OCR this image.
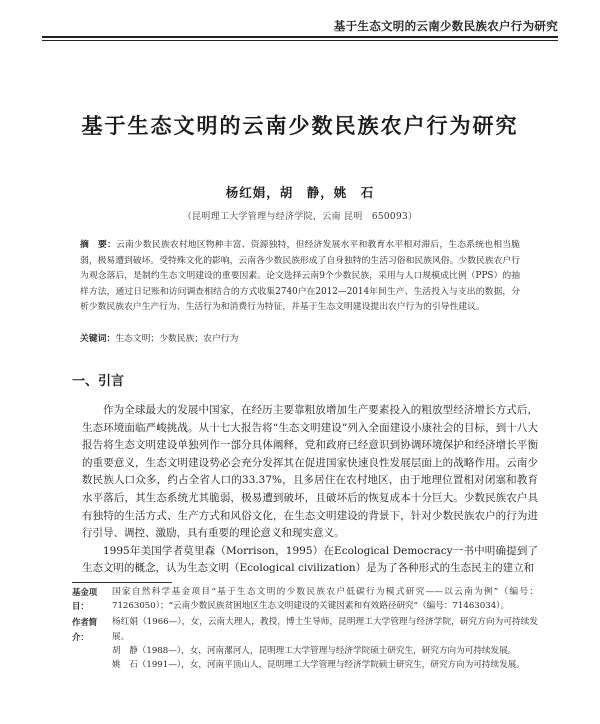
基于生态文明的云南少数民族农户行为研究
基于生态文明的云南少数民族农户行为研究
杨红娟，胡　静，姚　石
（昆明理工大学管理与经济学院，云南 昆明　650093）
摘　要：云南少数民族农村地区物种丰富、资源独特，但经济发展水平和教育水平相对滞后，生态系统也相当脆弱，极易遭到破坏。受特殊文化的影响，云南各少数民族形成了自身独特的生活习俗和民族风俗。少数民族农户行为观念落后，是制约生态文明建设的重要因素。论文选择云南9个少数民族，采用与人口规模成比例（PPS）的抽样方法，通过日记账和访问调查相结合的方式收集2740户在2012—2014年间生产、生活投入与支出的数据，分析少数民族农户生产行为、生活行为和消费行为特征，并基于生态文明建设提出农户行为的引导性建议。
关键词：生态文明；少数民族；农户行为
一、引言

作为全球最大的发展中国家，在经历主要靠粗放增加生产要素投入的粗放型经济增长方式后，生态环境面临严峻挑战。从十七大报告将“生态文明建设”列入全面建设小康社会的目标，到十八大报告将生态文明建设单独列作一部分具体阐释，党和政府已经意识到协调环境保护和经济增长平衡的重要意义，生态文明建设势必会充分发挥其在促进国家快速良性发展层面上的战略作用。云南少数民族人口众多，约占全省人口的33.37%，且多居住在农村地区，由于地理位置相对闭塞和教育水平落后，其生态系统尤其脆弱，极易遭到破坏，且破坏后的恢复成本十分巨大。少数民族农户具有独特的生活方式、生产方式和风俗文化，在生态文明建设的背景下，针对少数民族农户的行为进行引导、调控、激励，具有重要的理论意义和现实意义。

1995年美国学者莫里森（Morrison，1995）在Ecological Democracy一书中明确提到了生态文明的概念，认为生态文明（Ecological civilization）是为了各种形式的生态民主的建立和

基金项目：
国家自然科学基金项目“基于生态文明的少数民族农户低碳行为模式研究——以云南为例”（编号：71263050）；“云南少数民族贫困地区生态文明建设的关键因素和有效路径研究”（编号：71463034）。
作者简介：
杨红娟（1966—），女，云南大理人，教授，博士生导师，昆明理工大学管理与经济学院，研究方向为可持续发展。
胡　静（1988—），女，河南漯河人，昆明理工大学管理与经济学院硕士研究生，研究方向为可持续发展。
姚　石（1991—），女，河南平顶山人，昆明理工大学管理与经济学院硕士研究生，研究方向为可持续发展。
